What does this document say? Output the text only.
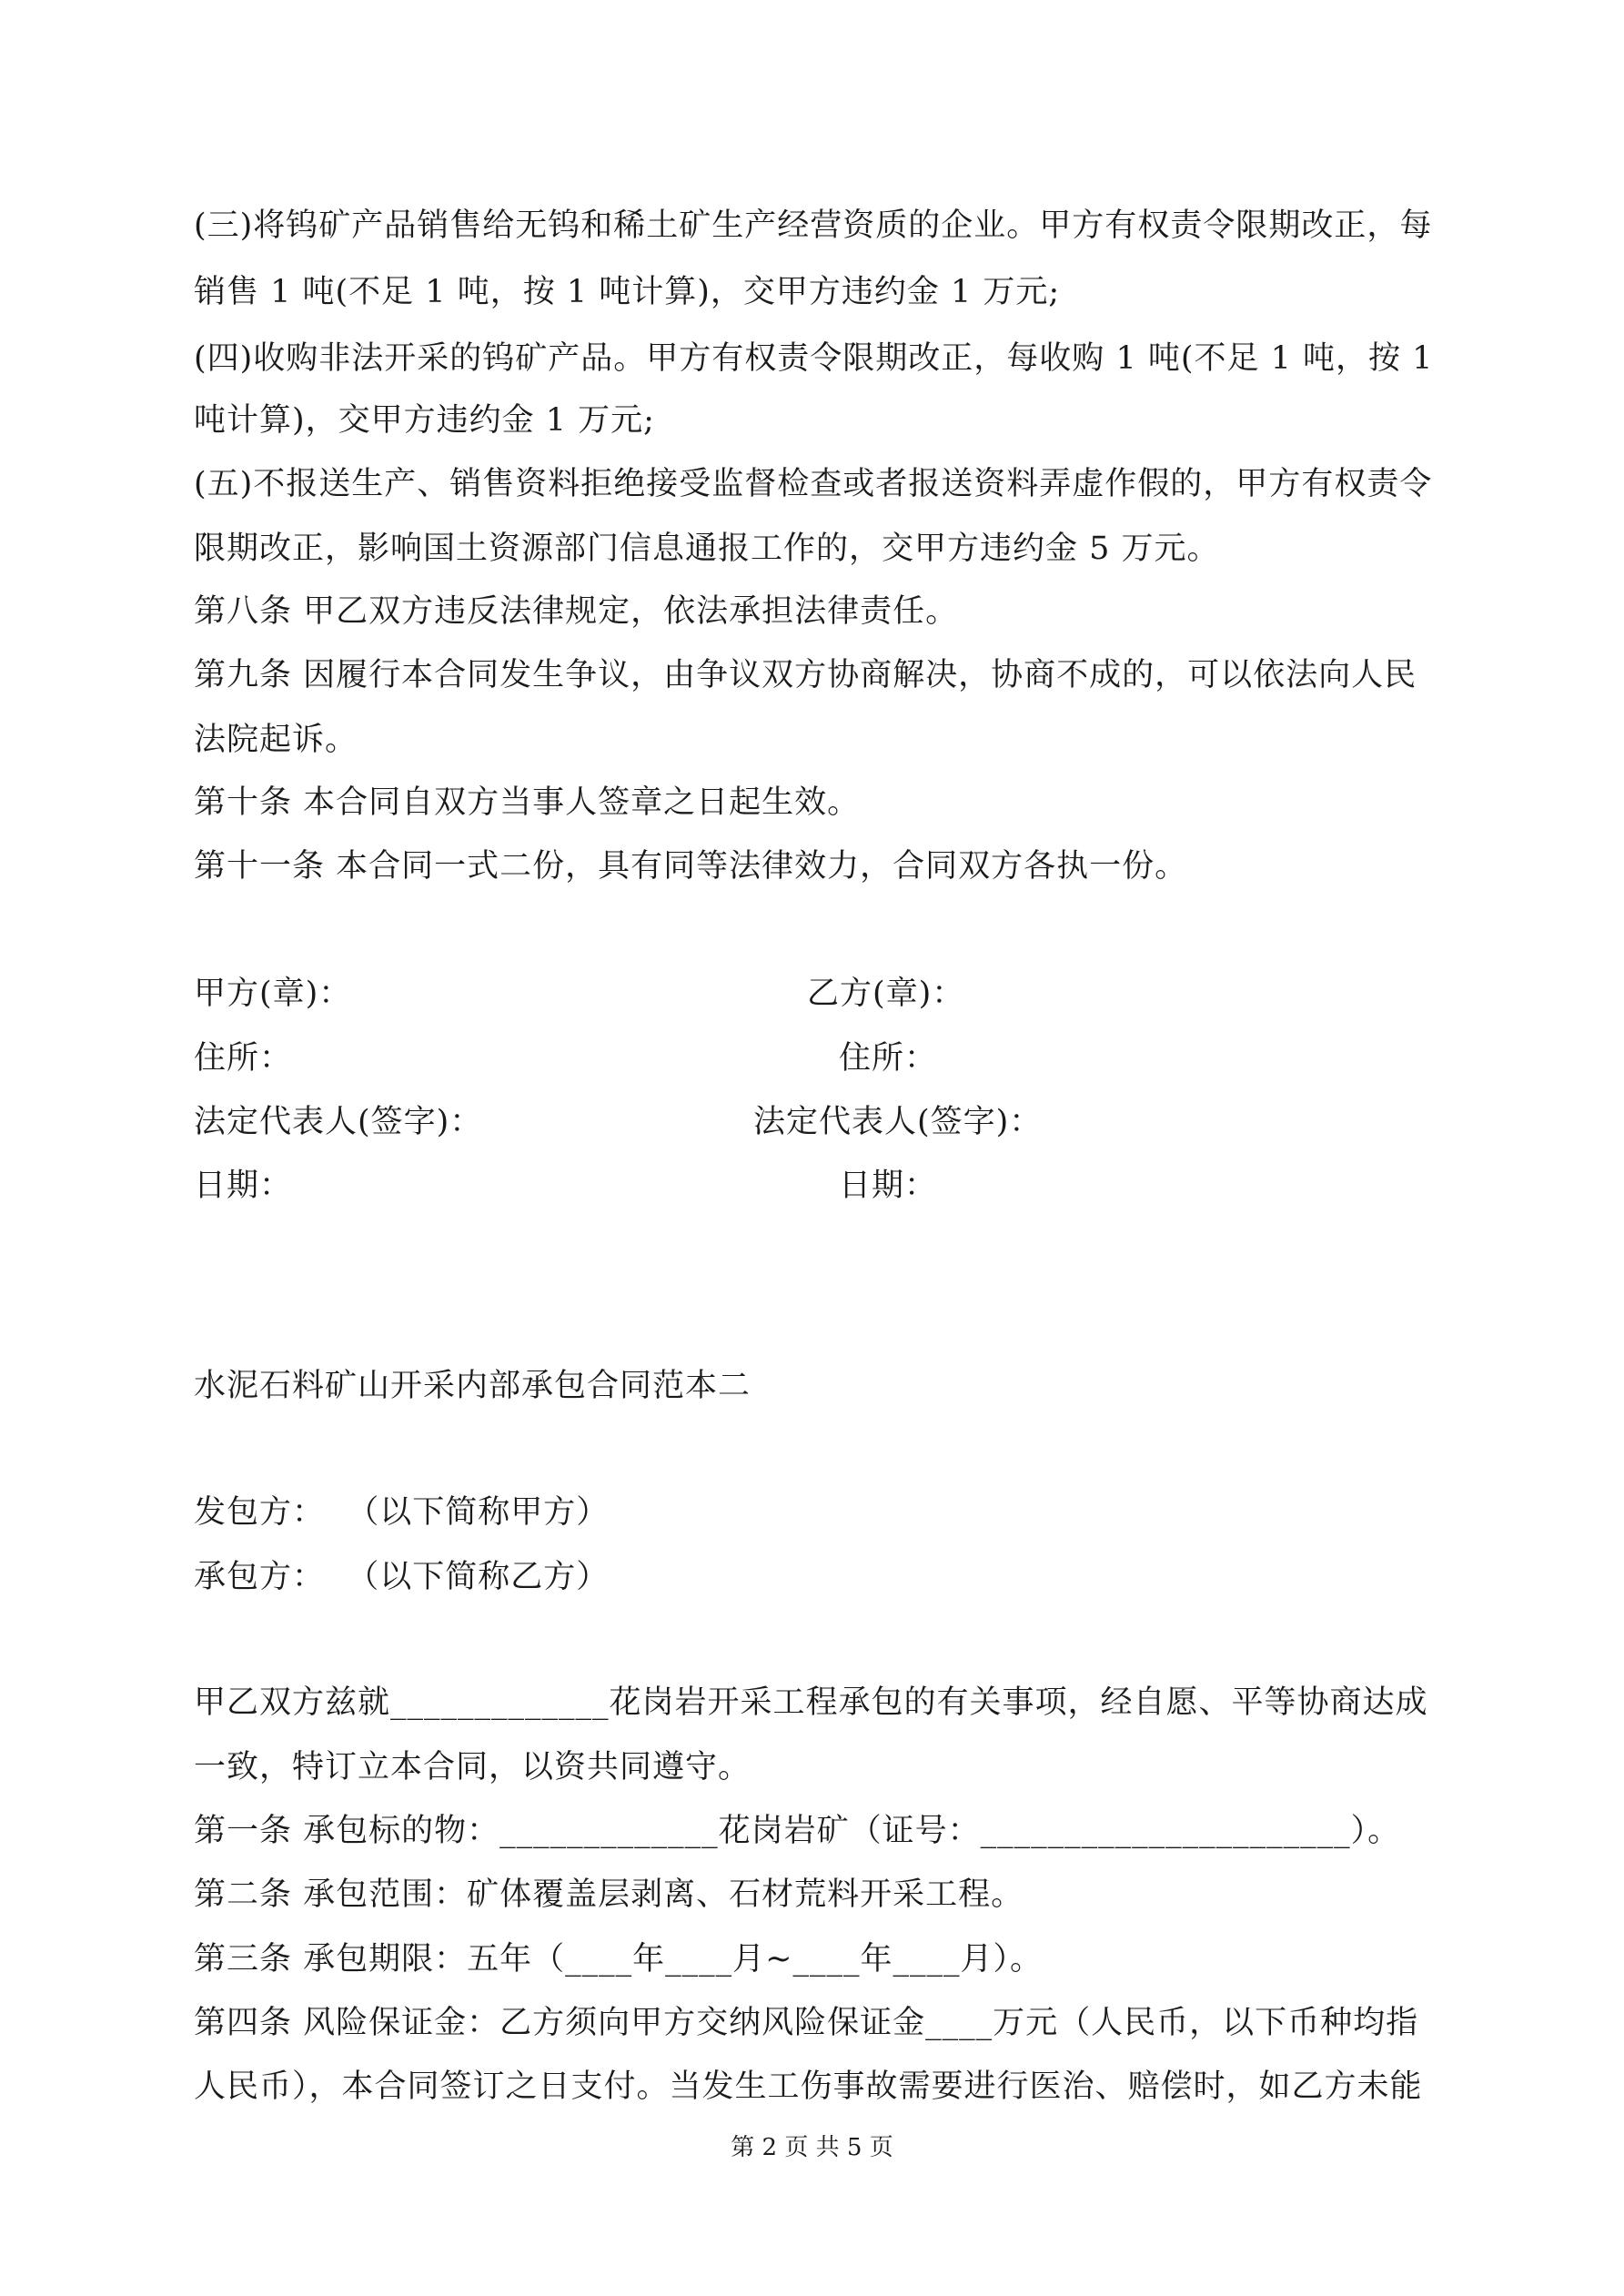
(三)将钨矿产品销售给无钨和稀土矿生产经营资质的企业。甲方有权责令限期改正，每
销售 1 吨(不足 1 吨，按 1 吨计算)，交甲方违约金 1 万元;
(四)收购非法开采的钨矿产品。甲方有权责令限期改正，每收购 1 吨(不足 1 吨，按 1
吨计算)，交甲方违约金 1 万元;
(五)不报送生产、销售资料拒绝接受监督检查或者报送资料弄虚作假的，甲方有权责令
限期改正，影响国土资源部门信息通报工作的，交甲方违约金 5 万元。
第八条 甲乙双方违反法律规定，依法承担法律责任。
第九条 因履行本合同发生争议，由争议双方协商解决，协商不成的，可以依法向人民
法院起诉。
第十条 本合同自双方当事人签章之日起生效。
第十一条 本合同一式二份，具有同等法律效力，合同双方各执一份。
甲方(章)：	乙方(章)：
住所：	住所：
法定代表人(签字)：	法定代表人(签字)：
日期：	日期：
水泥石料矿山开采内部承包合同范本二
发包方：  （以下简称甲方）
承包方：  （以下简称乙方）
甲乙双方兹就_____________花岗岩开采工程承包的有关事项，经自愿、平等协商达成
一致，特订立本合同，以资共同遵守。
第一条 承包标的物：_____________花岗岩矿（证号：______________________）。
第二条 承包范围：矿体覆盖层剥离、石材荒料开采工程。
第三条 承包期限：五年（____年____月~____年____月）。
第四条 风险保证金：乙方须向甲方交纳风险保证金____万元（人民币，以下币种均指
人民币），本合同签订之日支付。当发生工伤事故需要进行医治、赔偿时，如乙方未能
第 2 页 共 5 页
